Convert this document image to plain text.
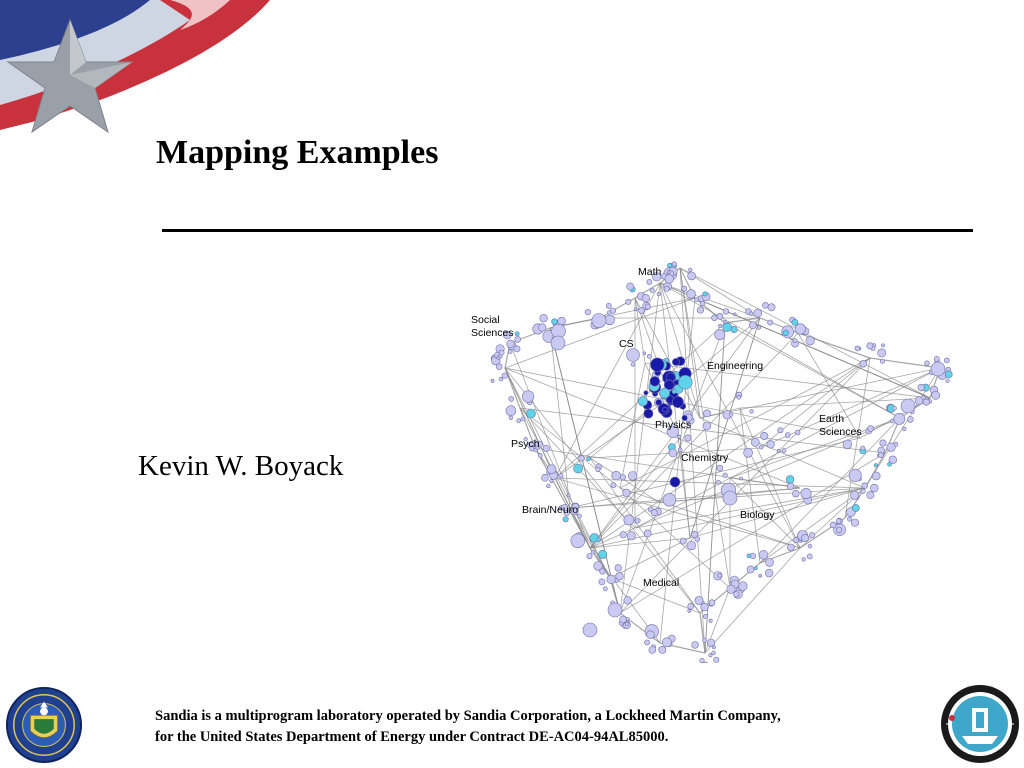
Mapping Examples
Kevin W. Boyack
Math
Social Sciences
CS
Engineering
Physics	Earth Sciences
Psych
Chemistry
Brain/Neuro	Biology
Medical
Sandia is a multiprogram laboratory operated by Sandia Corporation, a Lockheed Martin Company,
for the United States Department of Energy under Contract DE-AC04-94AL85000.
